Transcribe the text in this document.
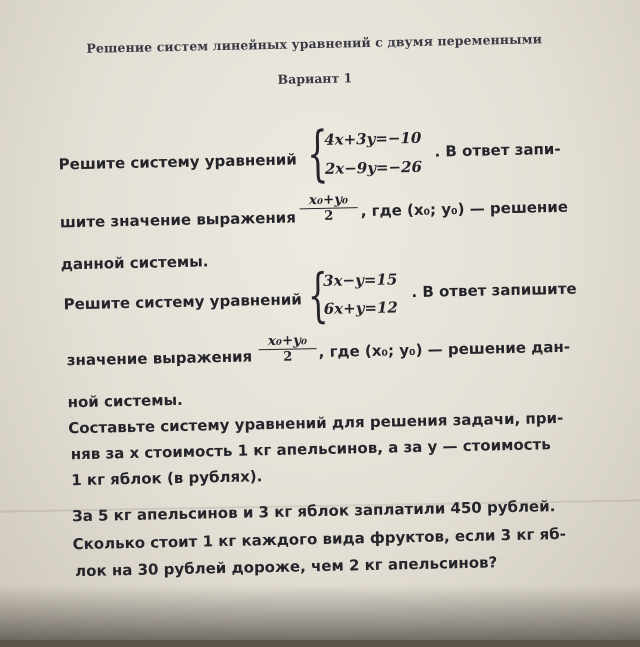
Решение систем линейных уравнений с двумя переменными
Вариант 1
Решите систему уравнений {
4x+3y=−10
2x−9y=−26
. В ответ запи-
шите значение выражения $\frac{\text{x₀+y₀}}{2}$ , где (x₀; y₀) — решение
данной системы.
Решите систему уравнений {
3x−y=15
6x+y=12
. В ответ запишите
значение выражения $\frac{\text{x₀+y₀}}{2}$ , где (x₀; y₀) — решение дан-
ной системы.
Составьте систему уравнений для решения задачи, при-
няв за x стоимость 1 кг апельсинов, а за y — стоимость
1 кг яблок (в рублях).
За 5 кг апельсинов и 3 кг яблок заплатили 450 рублей.
Сколько стоит 1 кг каждого вида фруктов, если 3 кг яб-
лок на 30 рублей дороже, чем 2 кг апельсинов?
